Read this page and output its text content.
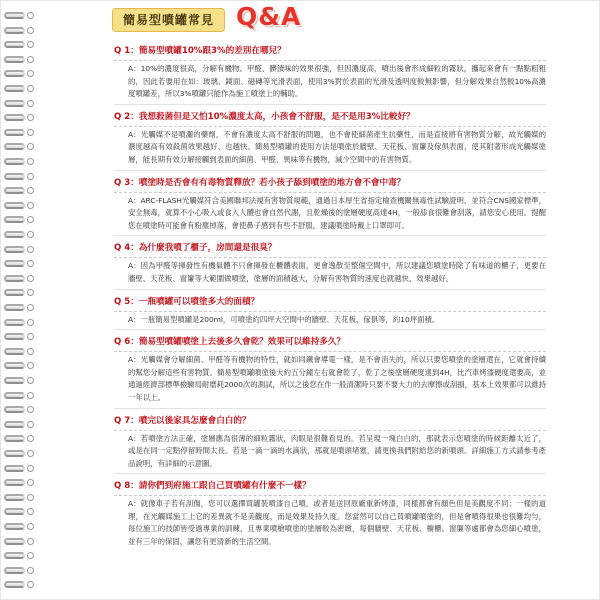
簡易型噴罐常見 Q&A
Q 1：簡易型噴罐10%跟3%的差別在哪兒？
A：10%的濃度很高，分解有機物、甲醛、髒漬味的效果很強，但因濃度高，噴出後會形成細粒的霧狀，攜起來會有一點點粗粗的，因此若要用在如：玻璃、鏡面、磁磚等光滑表面，使用3%對於表面的光滑及透明度較無影響，但分解效果自然較10%高濃度噴罐差，所以3%噴罐只能作為施工噴塗上的輔助。
Q 2：我想殺菌但是又怕10%濃度太高，小孩會不舒服，是不是用3%比較好？
A：光觸媒不是噴灑的藥劑，不會有濃度太高不舒服的問題，也不會使細菌產生抗藥性，而是直接將有害物質分解，故光觸媒的濃度越高有效殺菌效果越好、也越快。簡易型噴罐的使用方法是噴塗於牆壁、天花板、窗簾及傢俱表面，使其附著形成光觸媒塗層，能長期有效分解接觸到表面的細菌、甲醛、異味等有機物，減少空間中的有害物質。
Q 3：噴塗時是否會有有毒物質釋放？若小孩子舔到噴塗的地方會不會中毒？
A：ARC-FLASH光觸媒符合美國聯邦法規有害物質規範，通過日本厚生省指定檢查機關無毒性試驗證明、並符合CNS國家標準，安全無毒，就算不小心吸入或食入人體也會自然代謝，且乾燥後的塗層硬度高達4H，一般舔食很難會刮落，請您安心使用。提醒您在噴塗時可能會有粉塵掉落，會使鼻子感到有些不舒服，建議噴塗時戴上口罩即可。
Q 4：為什麼我噴了櫃子，房間還是很臭？
A：因為甲醛等揮發性有機氣體不只會揮發在櫃體表面，更會逸散至整個空間中，所以建議您噴塗時除了有味道的櫃子，更要在牆壁、天花板、窗簾等大範圍做噴塗，塗層的面積越大，分解有害物質的速度也就越快、效果越好。
Q 5：一瓶噴罐可以噴塗多大的面積？
A：一瓶簡易型噴罐是200ml，可噴塗約四坪大空間中的牆壁、天花板、傢俱等，約10坪面積。
Q 6：簡易型噴罐噴塗上去後多久會乾？效果可以維持多久？
A：光觸媒會分解細菌、甲醛等有機物的特性，就如同鐵會導電一樣，是不會消失的，所以只要您噴塗的塗層還在，它就會持續的幫您分解這些有害物質。簡易型噴罐噴塗後大約五分鐘左右就會乾了，乾了之後塗層硬度達到4H，比汽車烤漆硬度還要高，並通過經濟部標準檢驗局耐磨耗2000次的測試，所以之後您在作一般清潔時只要不要大力的去摩擦或刮損，基本上效果都可以維持一年以上。
Q 7：噴完以後家具怎麼會白白的？
A：若噴塗方法正確，塗層應為很薄的細粒霧狀，肉眼是很難看見的。若呈現一塊白白的，那就表示您噴塗的時候距離太近了，或是在同一定點停留時間太長。若是一滴一滴的水滴狀，那就是噴頭堵塞，請更換我們附給您的新噴頭。詳細施工方式請參考產品說明，有詳細的示意圖。
Q 8：請你們到府施工跟自己買噴罐有什麼不一樣？
A：就像車子若有刮傷，您可以選擇買罐裝噴漆自己噴，或者是送回原廠重新烤漆，同樣都會有顏色但是美觀度不同；一樣的道理，在光觸媒施工上它的差異就不是美觀度，而是效果及持久度。您當然可以自己買噴罐噴塗的，但是會噴得很果也很難均勻，每位施工的技師皆受過專業的訓練，且專業噴槍噴塗的塗層較為密緻，每個牆壁、天花板、櫥櫃、窗簾等處都會為您細心噴塗，並有三年的保固，讓您有更清新的生活空間。
